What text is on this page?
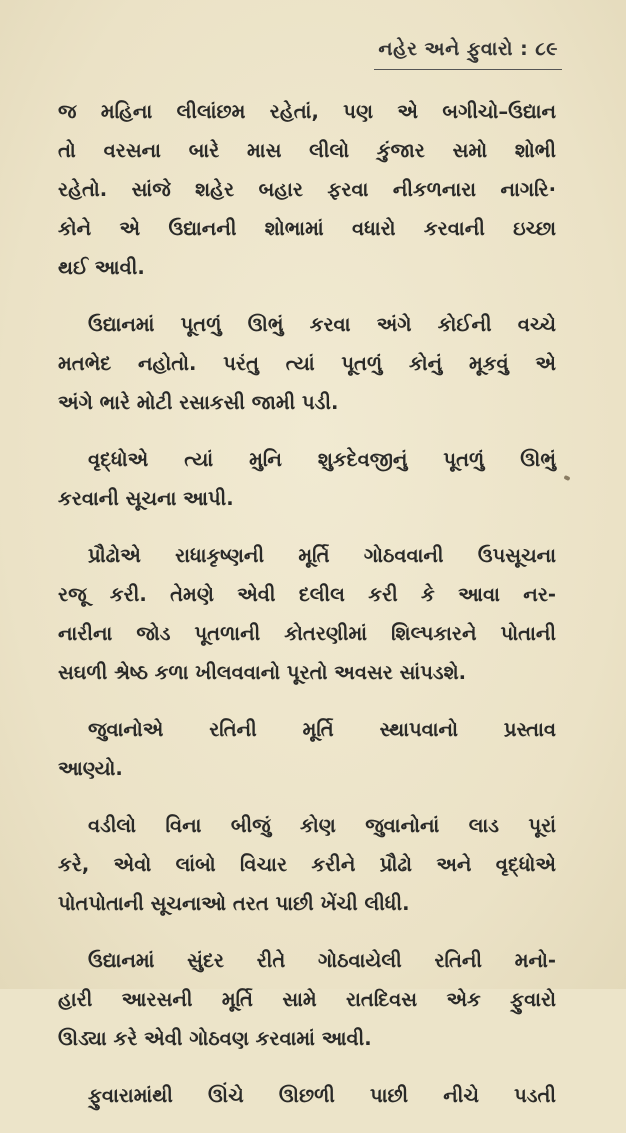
નહેર અને ફુવારો : ૮૯
જ મહિના લીલાંછમ રહેતાં, પણ એ બગીચો–ઉદ્યાન
તો વરસના બારે માસ લીલો કુંજાર સમો શોભી
રહેતો. સાંજે શહેર બહાર ફરવા નીકળનારા નાગરિ·
કોને એ ઉદ્યાનની શોભામાં વધારો કરવાની ઇચ્છા
થઈ આવી.
ઉદ્યાનમાં પૂતળું ઊભું કરવા અંગે કોઈની વચ્ચે
મતભેદ નહોતો. પરંતુ ત્યાં પૂતળું કોનું મૂકવું એ
અંગે ભારે મોટી રસાકસી જામી પડી.
વૃદ્ધોએ ત્યાં મુનિ શુકદેવજીનું પૂતળું ઊભું
કરવાની સૂચના આપી.
પ્રૌઢોએ રાધાકૃષ્ણની મૂર્તિ ગોઠવવાની ઉપસૂચના
રજૂ કરી. તેમણે એવી દલીલ કરી કે આવા નર-
નારીના જોડ પૂતળાની કોતરણીમાં શિલ્પકારને પોતાની
સઘળી શ્રેષ્ઠ કળા ખીલવવાનો પૂરતો અવસર સાંપડશે.
જુવાનોએ રતિની મૂર્તિ સ્થાપવાનો પ્રસ્તાવ
આણ્યો.
વડીલો વિના બીજું કોણ જુવાનોનાં લાડ પૂરાં
કરે, એવો લાંબો વિચાર કરીને પ્રૌઢો અને વૃદ્ધોએ
પોતપોતાની સૂચનાઓ તરત પાછી ખેંચી લીધી.
ઉદ્યાનમાં સુંદર રીતે ગોઠવાયેલી રતિની મનો-
હારી આરસની મૂર્તિ સામે રાતદિવસ એક ફુવારો
ઊડ્યા કરે એવી ગોઠવણ કરવામાં આવી.
ફુવારામાંથી ઊંચે ઊછળી પાછી નીચે પડતી
